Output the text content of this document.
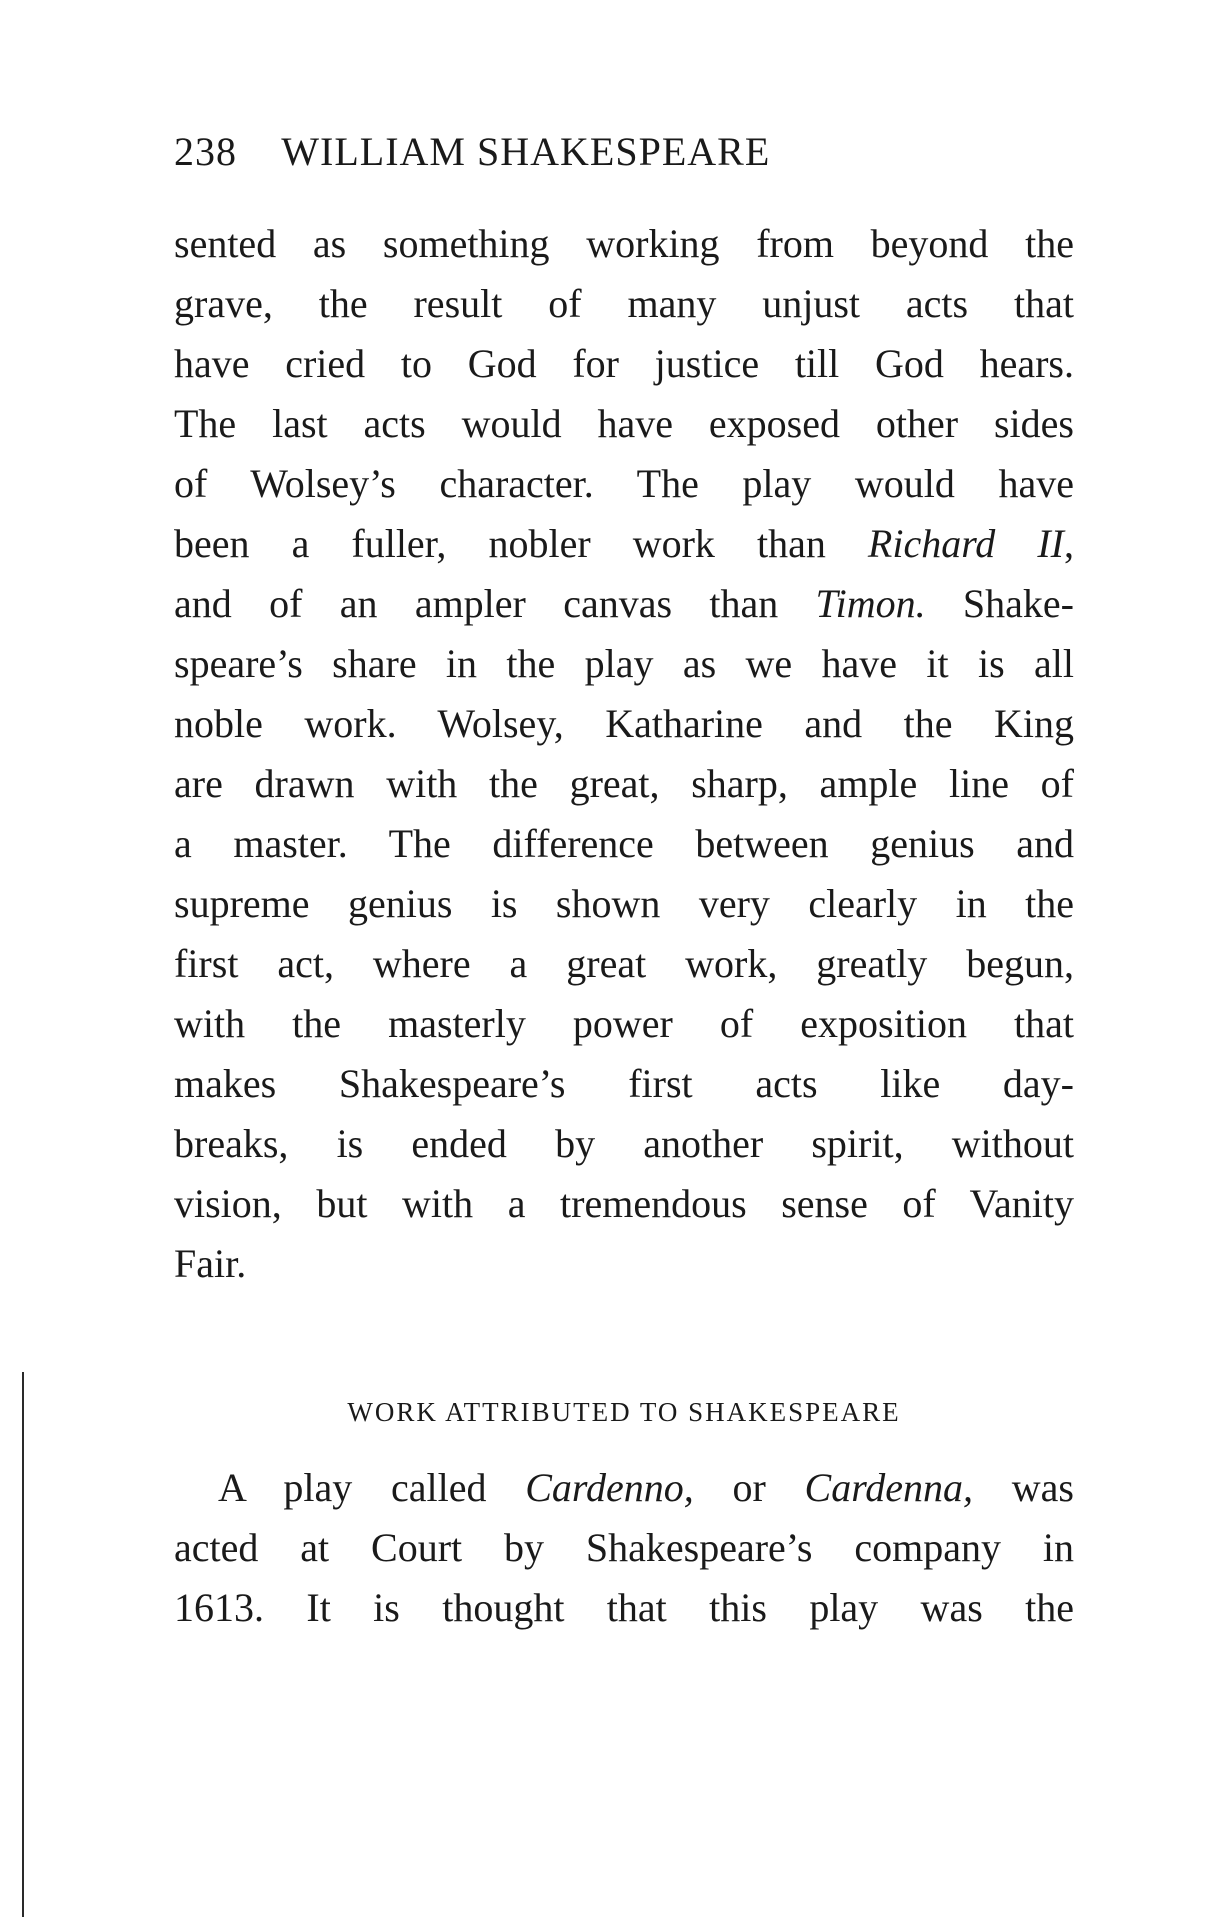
238 WILLIAM SHAKESPEARE
sented as something working from beyond the
grave, the result of many unjust acts that
have cried to God for justice till God hears.
The last acts would have exposed other sides
of Wolsey’s character. The play would have
been a fuller, nobler work than Richard II,
and of an ampler canvas than Timon. Shake-
speare’s share in the play as we have it is all
noble work. Wolsey, Katharine and the King
are drawn with the great, sharp, ample line of
a master. The difference between genius and
supreme genius is shown very clearly in the
first act, where a great work, greatly begun,
with the masterly power of exposition that
makes Shakespeare’s first acts like day-
breaks, is ended by another spirit, without
vision, but with a tremendous sense of Vanity
Fair.
WORK ATTRIBUTED TO SHAKESPEARE
A play called Cardenno, or Cardenna, was
acted at Court by Shakespeare’s company in
1613. It is thought that this play was the
